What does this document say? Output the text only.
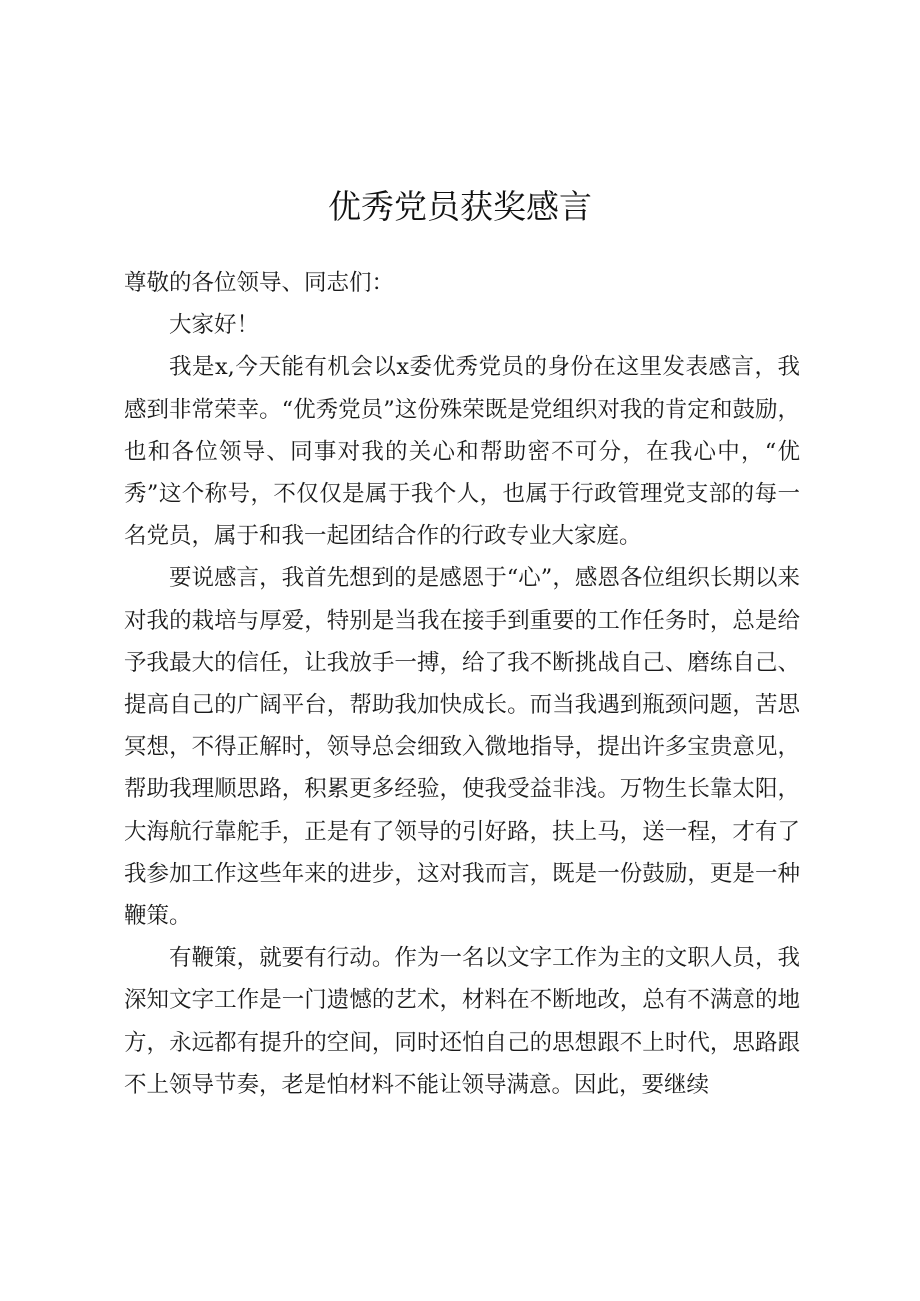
优秀党员获奖感言

尊敬的各位领导、同志们：

大家好！

我是x,今天能有机会以x委优秀党员的身份在这里发表感言，我感到非常荣幸。“优秀党员”这份殊荣既是党组织对我的肯定和鼓励，也和各位领导、同事对我的关心和帮助密不可分，在我心中，“优秀”这个称号，不仅仅是属于我个人，也属于行政管理党支部的每一名党员，属于和我一起团结合作的行政专业大家庭。

要说感言，我首先想到的是感恩于“心”，感恩各位组织长期以来对我的栽培与厚爱，特别是当我在接手到重要的工作任务时，总是给予我最大的信任，让我放手一搏，给了我不断挑战自己、磨练自己、提高自己的广阔平台，帮助我加快成长。而当我遇到瓶颈问题，苦思冥想，不得正解时，领导总会细致入微地指导，提出许多宝贵意见，帮助我理顺思路，积累更多经验，使我受益非浅。万物生长靠太阳，大海航行靠舵手，正是有了领导的引好路，扶上马，送一程，才有了我参加工作这些年来的进步，这对我而言，既是一份鼓励，更是一种鞭策。

有鞭策，就要有行动。作为一名以文字工作为主的文职人员，我深知文字工作是一门遗憾的艺术，材料在不断地改，总有不满意的地方，永远都有提升的空间，同时还怕自己的思想跟不上时代，思路跟不上领导节奏，老是怕材料不能让领导满意。因此，要继续
